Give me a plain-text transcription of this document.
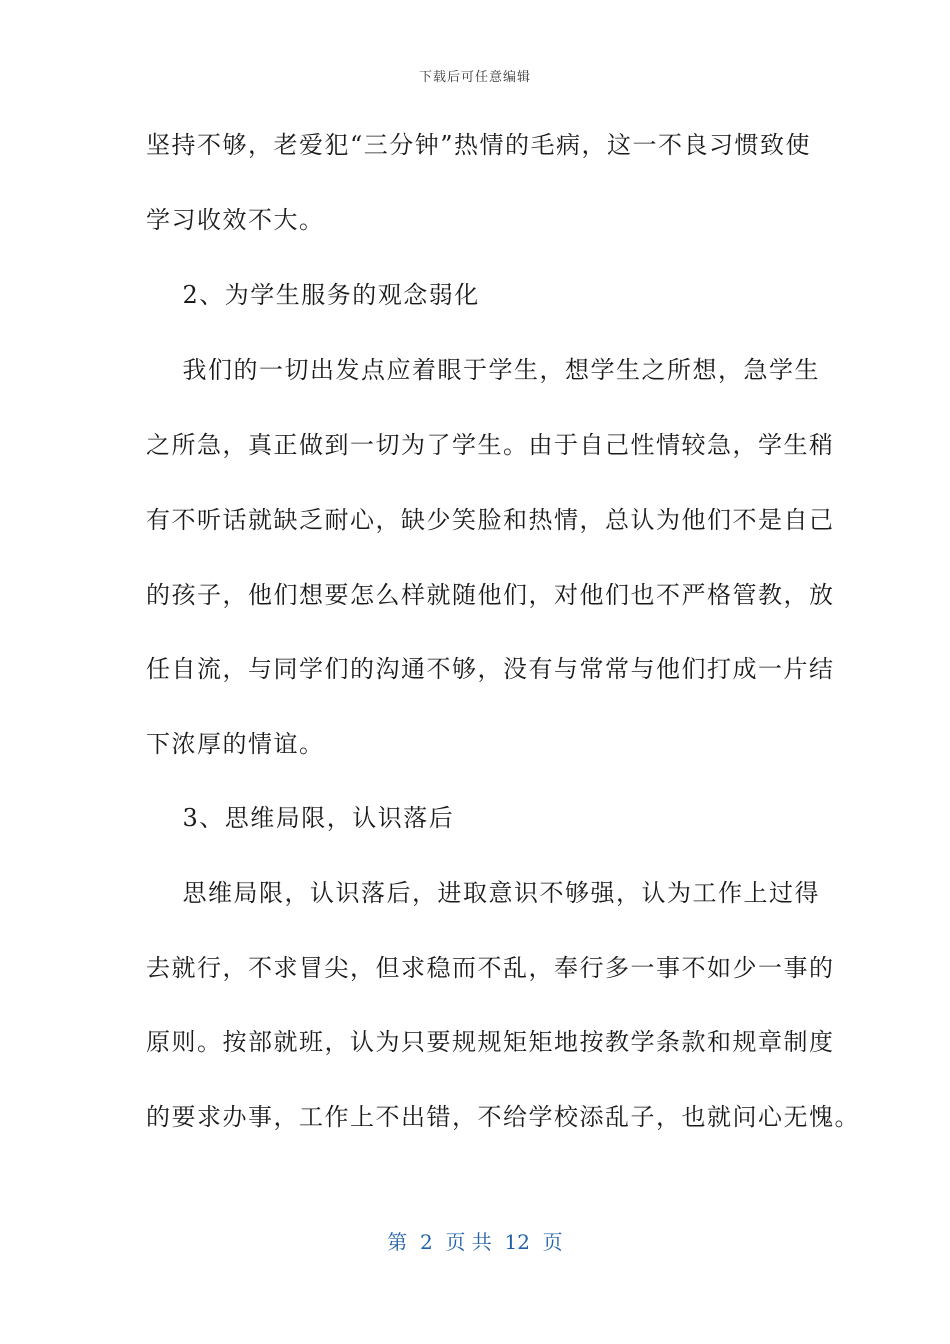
下载后可任意编辑
坚持不够，老爱犯“三分钟”热情的毛病，这一不良习惯致使
学习收效不大。
2、为学生服务的观念弱化
我们的一切出发点应着眼于学生，想学生之所想，急学生
之所急，真正做到一切为了学生。由于自己性情较急，学生稍
有不听话就缺乏耐心，缺少笑脸和热情，总认为他们不是自己
的孩子，他们想要怎么样就随他们，对他们也不严格管教，放
任自流，与同学们的沟通不够，没有与常常与他们打成一片结
下浓厚的情谊。
3、思维局限，认识落后
思维局限，认识落后，进取意识不够强，认为工作上过得
去就行，不求冒尖，但求稳而不乱，奉行多一事不如少一事的
原则。按部就班，认为只要规规矩矩地按教学条款和规章制度
的要求办事，工作上不出错，不给学校添乱子，也就问心无愧。
第  2  页 共  12  页
